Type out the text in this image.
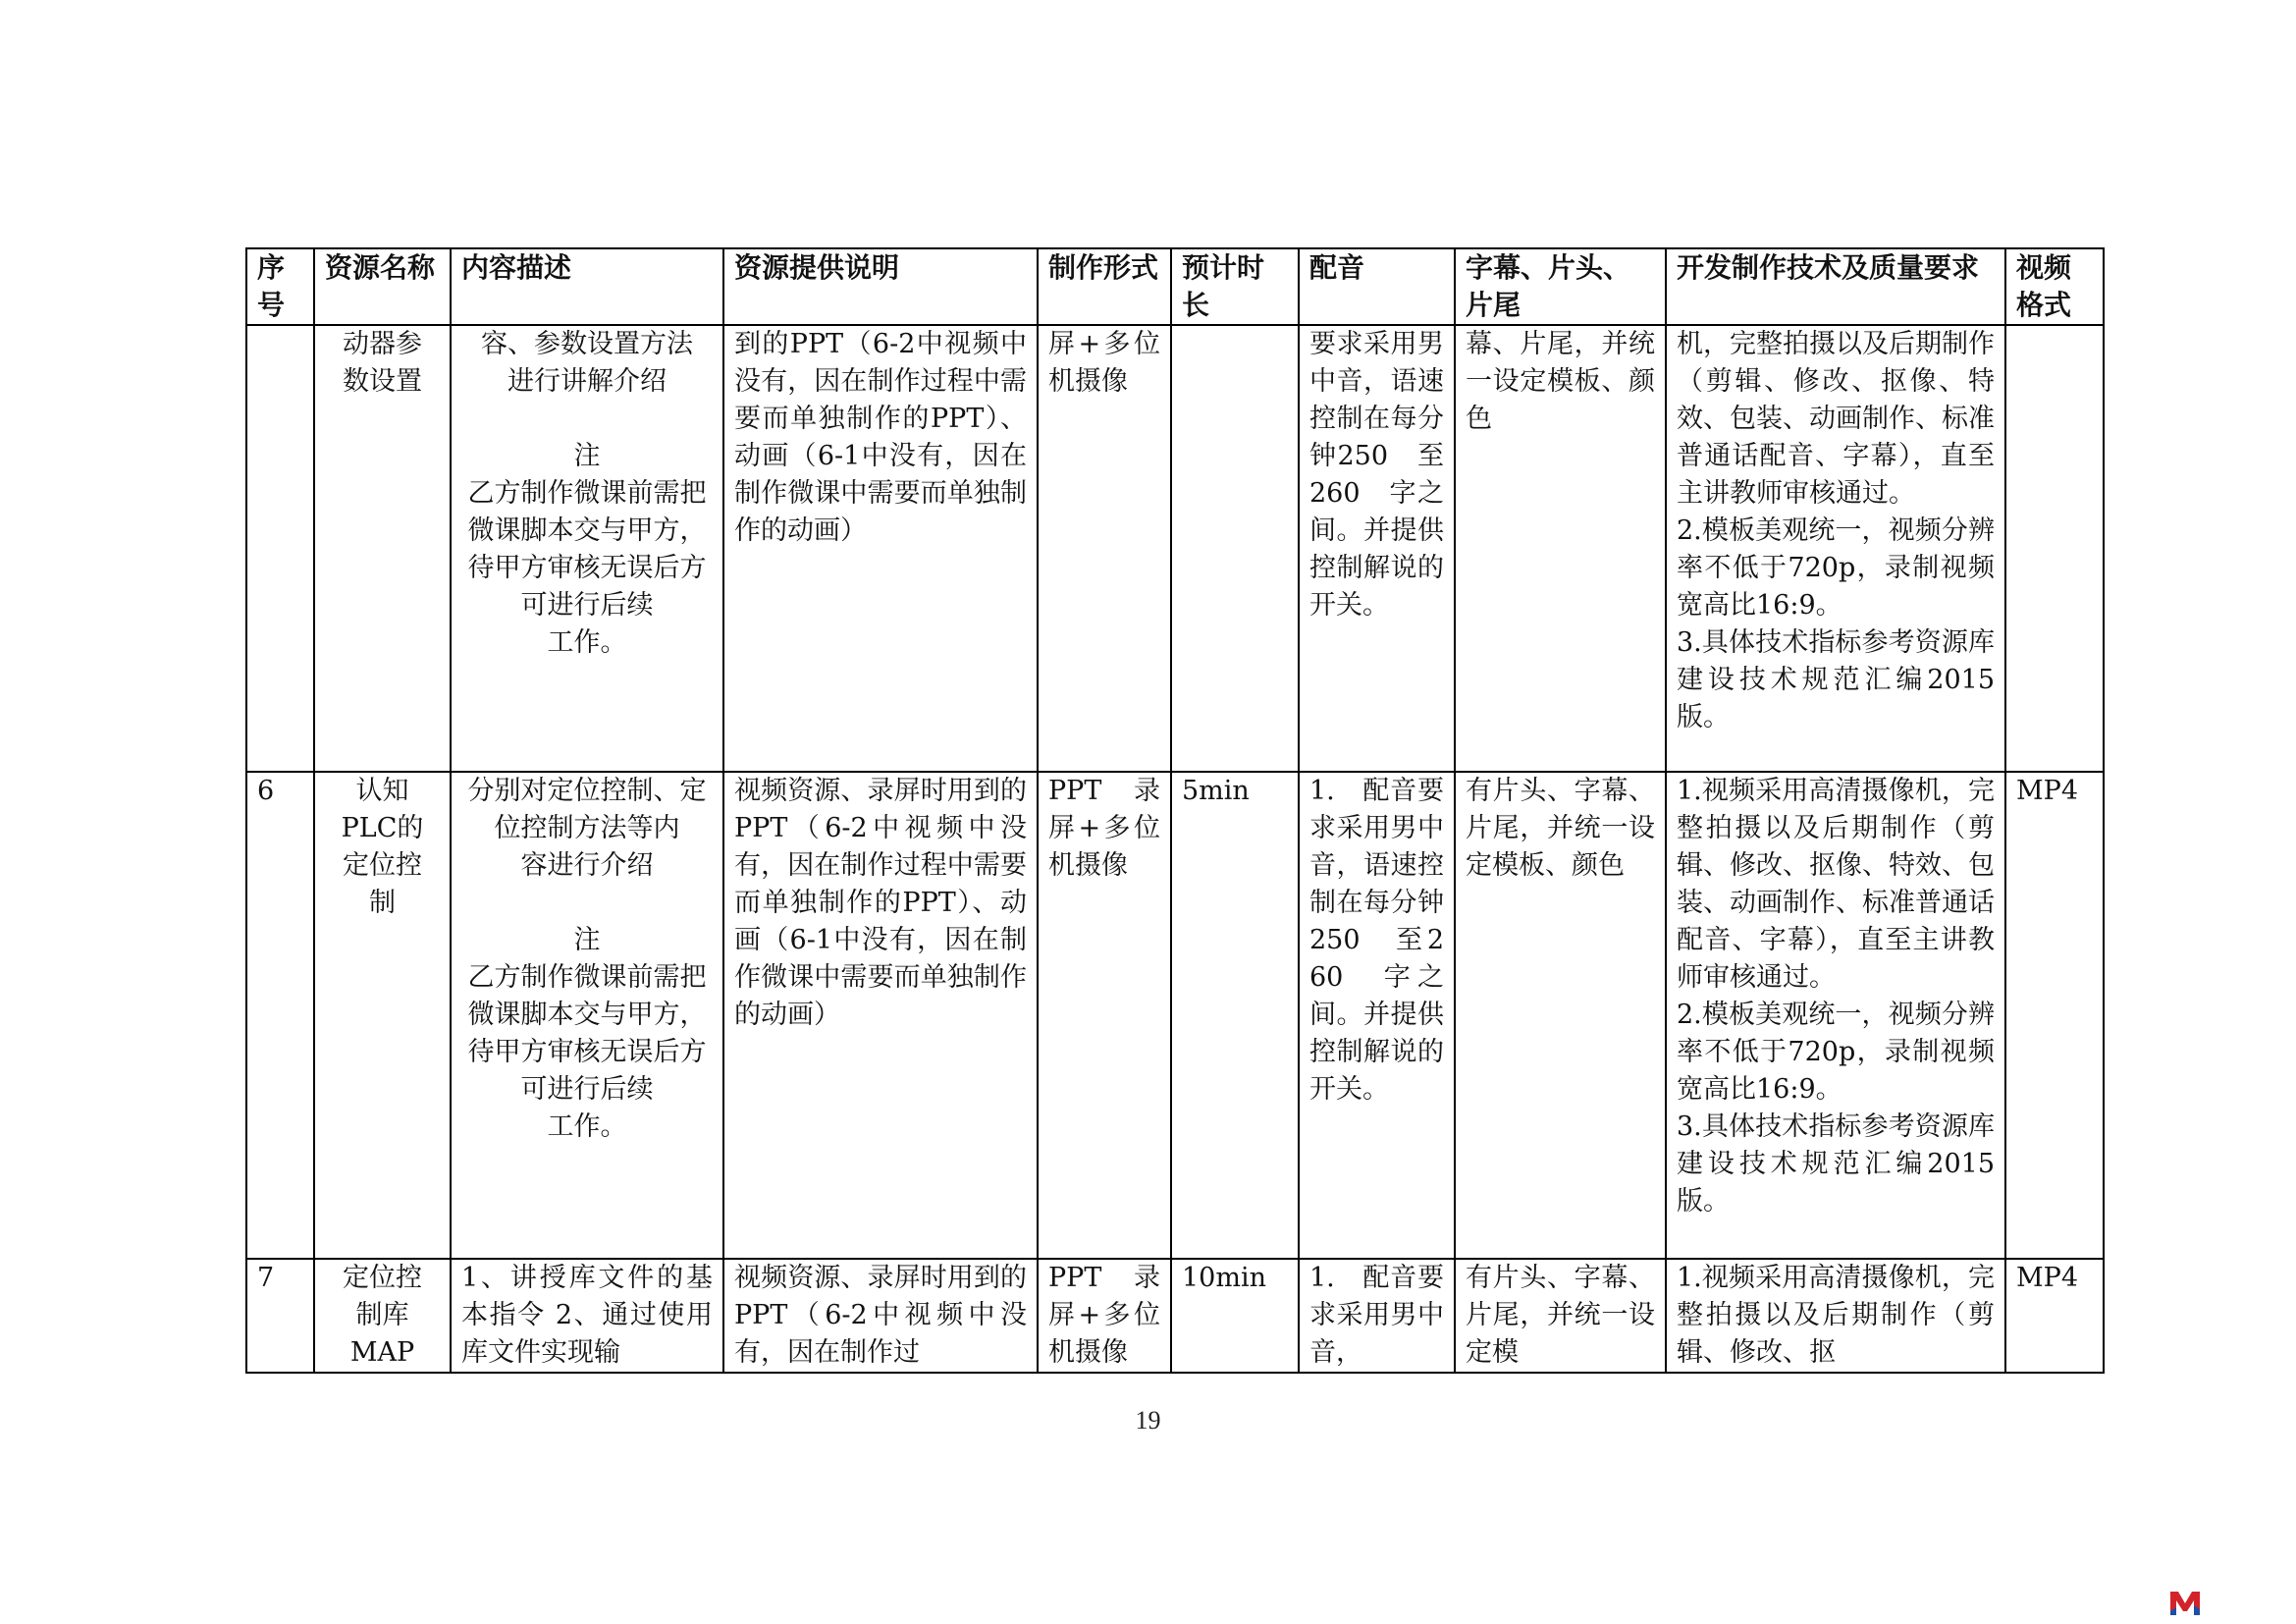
序号	资源名称	内容描述	资源提供说明	制作形式	预计时长	配音	字幕、片头、片尾	开发制作技术及质量要求	视频格式

	动器参
数设置	容、参数设置方法
进行讲解介绍

注
乙方制作微课前需把微课脚本交与甲方，待甲方审核无误后方可进行后续
工作。	到的PPT（6-2中视频中没有，因在制作过程中需要而单独制作的PPT）、动画（6-1中没有，因在制作微课中需要而单独制作的动画）	屏+多位机摄像		要求采用男中音，语速控制在每分钟250　至260　字之间。并提供控制解说的开关。	幕、片尾，并统一设定模板、颜色	机，完整拍摄以及后期制作（剪辑、修改、抠像、特效、包装、动画制作、标准普通话配音、字幕），直至主讲教师审核通过。
2.模板美观统一，视频分辨率不低于720p，录制视频宽高比16:9。
3.具体技术指标参考资源库建设技术规范汇编2015版。	

6	认知
PLC的
定位控
制	分别对定位控制、定位控制方法等内
容进行介绍

注
乙方制作微课前需把微课脚本交与甲方，待甲方审核无误后方可进行后续
工作。	视频资源、录屏时用到的PPT（6-2中视频中没有，因在制作过程中需要而单独制作的PPT）、动画（6-1中没有，因在制作微课中需要而单独制作的动画）	PPT　录屏+多位机摄像	5min	1.　配音要求采用男中音，语速控制在每分钟250　至260　字之间。并提供控制解说的开关。	有片头、字幕、片尾，并统一设定模板、颜色	1.视频采用高清摄像机，完整拍摄以及后期制作（剪辑、修改、抠像、特效、包装、动画制作、标准普通话配音、字幕），直至主讲教师审核通过。
2.模板美观统一，视频分辨率不低于720p，录制视频宽高比16:9。
3.具体技术指标参考资源库建设技术规范汇编2015版。	MP4

7	定位控
制库
MAP	1、讲授库文件的基本指令 2、通过使用库文件实现输	视频资源、录屏时用到的PPT（6-2中视频中没有，因在制作过	PPT　录屏+多位机摄像	10min	1.　配音要求采用男中音，	有片头、字幕、片尾，并统一设定模	1.视频采用高清摄像机，完整拍摄以及后期制作（剪辑、修改、抠	MP4
19
